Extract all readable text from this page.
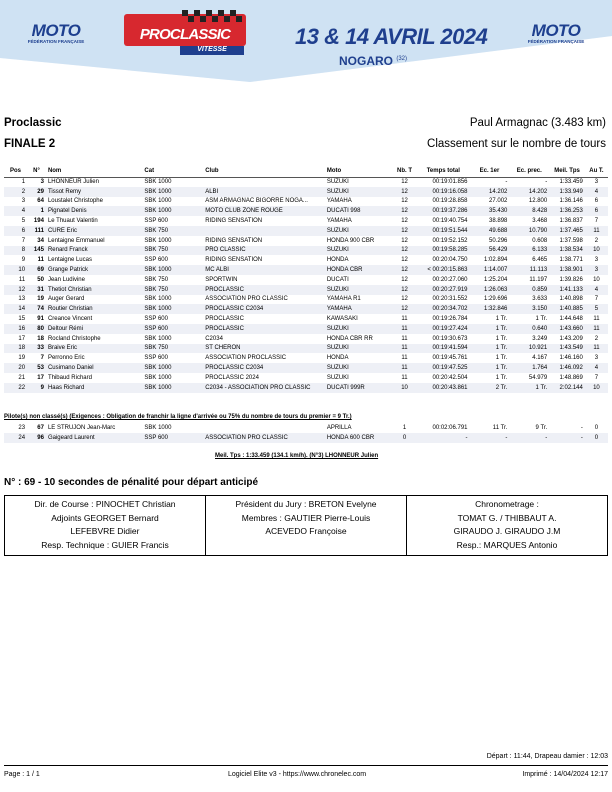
MOTO
FÉDÉRATION FRANÇAISE	PROCLASSIC
VITESSE
13 & 14 AVRIL 2024
NOGARO $^{(32)}$
MOTO
FÉDÉRATION FRANÇAISE
Proclassic
FINALE 2
Paul Armagnac (3.483 km)
Classement sur le nombre de tours
Pos	N°	Nom	Cat	Club	Moto	Nb. T	Temps total	Ec. 1er	Ec. prec.	Meil. Tps	Au T.
1	3	LHONNEUR Julien	SBK 1000		SUZUKI	12	00:19:01.856	-	-	1:33.459	3
2	29	Tissot Remy	SBK 1000	ALBI	SUZUKI	12	00:19:16.058	14.202	14.202	1:33.949	4
3	64	Loustalet Christophe	SBK 1000	ASM ARMAGNAC BIGORRE NOGA...	YAMAHA	12	00:19:28.858	27.002	12.800	1:36.146	6
4	1	Pignatel Denis	SBK 1000	MOTO CLUB ZONE ROUGE	DUCATI 998	12	00:19:37.286	35.430	8.428	1:36.253	6
5	194	Le Thuaut Valentin	SSP 600	RIDING SENSATION	YAMAHA	12	00:19:40.754	38.898	3.468	1:36.837	7
6	111	CURE Eric	SBK 750		SUZUKI	12	00:19:51.544	49.688	10.790	1:37.465	11
7	34	Lentaigne Emmanuel	SBK 1000	RIDING SENSATION	HONDA 900 CBR	12	00:19:52.152	50.296	0.608	1:37.598	2
8	145	Renard Franck	SBK 750	PRO CLASSIC	SUZUKI	12	00:19:58.285	56.429	6.133	1:38.534	10
9	11	Lentaigne Lucas	SSP 600	RIDING SENSATION	HONDA	12	00:20:04.750	1:02.894	6.465	1:38.771	3
10	69	Grange Patrick	SBK 1000	MC ALBI	HONDA CBR	12	< 00:20:15.863	1:14.007	11.113	1:38.901	3
11	50	Jean Ludivine	SBK 750	SPORTWIN	DUCATI	12	00:20:27.060	1:25.204	11.197	1:39.826	10
12	31	Thetiot Christian	SBK 750	PROCLASSIC	SUZUKI	12	00:20:27.919	1:26.063	0.859	1:41.133	4
13	19	Auger Gerard	SBK 1000	ASSOCIATION PRO CLASSIC	YAMAHA R1	12	00:20:31.552	1:29.696	3.633	1:40.898	7
14	74	Routier Christian	SBK 1000	PROCLASSIC C2034	YAMAHA	12	00:20:34.702	1:32.846	3.150	1:40.885	5
15	91	Creance Vincent	SSP 600	PROCLASSIC	KAWASAKI	11	00:19:26.784	1 Tr.	1 Tr.	1:44.648	11
16	80	Deltour Rémi	SSP 600	PROCLASSIC	SUZUKI	11	00:19:27.424	1 Tr.	0.640	1:43.660	11
17	18	Rocland Christophe	SBK 1000	C2034	HONDA CBR RR	11	00:19:30.673	1 Tr.	3.249	1:43.209	2
18	33	Braive Eric	SBK 750	ST CHERON	SUZUKI	11	00:19:41.594	1 Tr.	10.921	1:43.549	11
19	7	Perronno Eric	SSP 600	ASSOCIATION PROCLASSIC	HONDA	11	00:19:45.761	1 Tr.	4.167	1:46.160	3
20	53	Cusimano Daniel	SBK 1000	PROCLASSIC C2034	SUZUKI	11	00:19:47.525	1 Tr.	1.764	1:46.092	4
21	17	Thibaud Richard	SBK 1000	PROCLASSIC 2024	SUZUKI	11	00:20:42.504	1 Tr.	54.979	1:48.869	7
22	9	Haas Richard	SBK 1000	C2034 - ASSOCIATION PRO CLASSIC	DUCATI 999R	10	00:20:43.861	2 Tr.	1 Tr.	2:02.144	10
Pilote(s) non classé(s) (Exigences : Obligation de franchir la ligne d'arrivée ou 75% du nombre de tours du premier = 9 Tr.)
23	67	LE STRUJON Jean-Marc	SBK 1000		APRILLA	1	00:02:06.791	11 Tr.	9 Tr.	-	0
24	96	Gaigeard Laurent	SSP 600	ASSOCIATION PRO CLASSIC	HONDA 600 CBR	0	-	-	-	-	0
Meil. Tps : 1:33.459 (134.1 km/h). (N°3) LHONNEUR Julien
N° : 69 - 10 secondes de pénalité pour départ anticipé
Dir. de Course : PINOCHET Christian
Adjoints GEORGET Bernard
LEFEBVRE Didier
Resp. Technique : GUIER Francis
Président du Jury : BRETON Evelyne
Membres : GAUTIER Pierre-Louis
ACEVEDO Françoise
Chronometrage :
TOMAT G. / THIBBAUT A.
GIRAUDO J. GIRAUDO J.M
Resp.: MARQUES Antonio
Départ : 11:44, Drapeau damier : 12:03
Page : 1 / 1	Logiciel Elite v3 - https://www.chronelec.com	Imprimé : 14/04/2024 12:17
